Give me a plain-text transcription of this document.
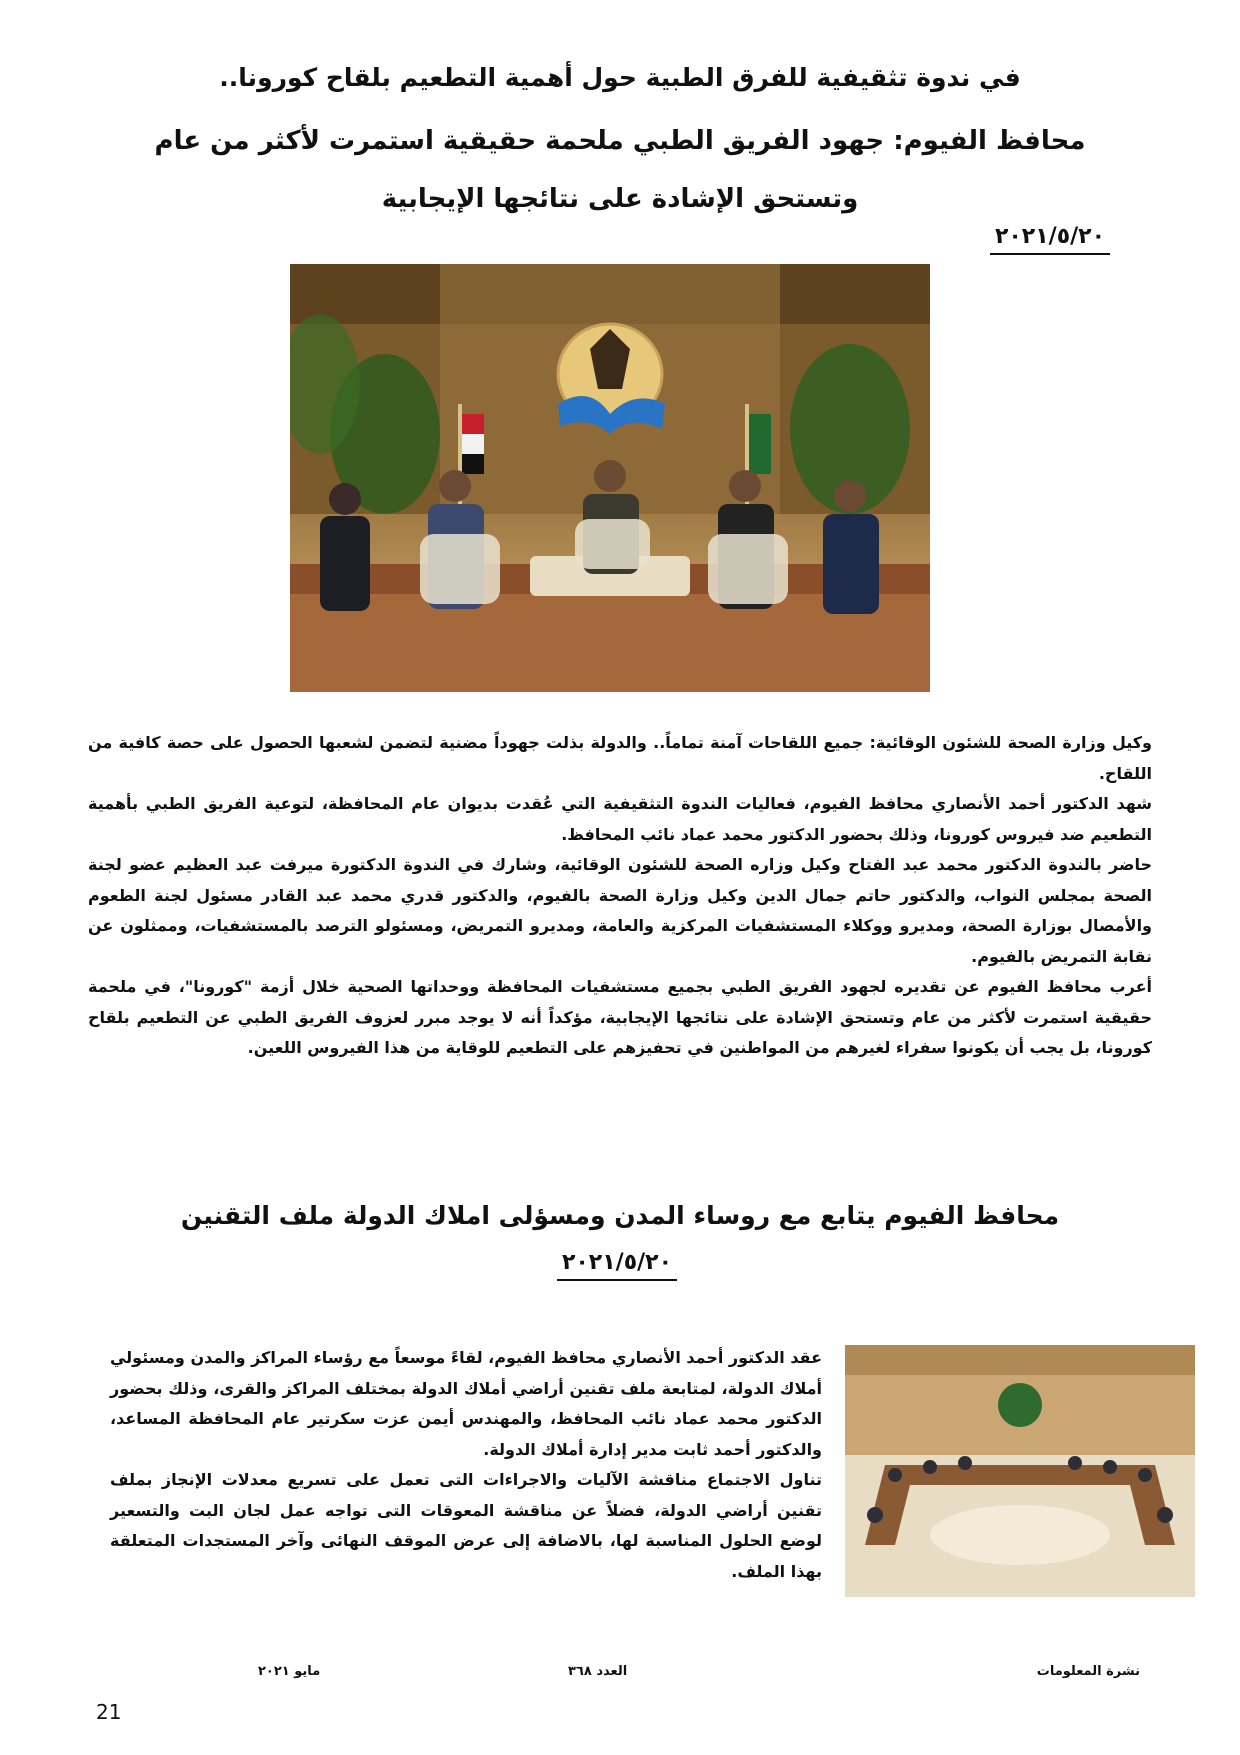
في ندوة تثقيفية للفرق الطبية حول أهمية التطعيم بلقاح كورونا..
محافظ الفيوم: جهود الفريق الطبي ملحمة حقيقية استمرت لأكثر من عام وتستحق الإشادة على نتائجها الإيجابية
٢٠٢١/٥/٢٠

وكيل وزارة الصحة للشئون الوقائية: جميع اللقاحات آمنة تماماً.. والدولة بذلت جهوداً مضنية لتضمن لشعبها الحصول على حصة كافية من اللقاح.

شهد الدكتور أحمد الأنصاري محافظ الفيوم، فعاليات الندوة التثقيفية التي عُقدت بديوان عام المحافظة، لتوعية الفريق الطبي بأهمية التطعيم ضد فيروس كورونا، وذلك بحضور الدكتور محمد عماد نائب المحافظ.

حاضر بالندوة الدكتور محمد عبد الفتاح وكيل وزاره الصحة للشئون الوقائية، وشارك في الندوة الدكتورة ميرفت عبد العظيم عضو لجنة الصحة بمجلس النواب، والدكتور حاتم جمال الدين وكيل وزارة الصحة بالفيوم، والدكتور قدري محمد عبد القادر مسئول لجنة الطعوم والأمصال بوزارة الصحة، ومديرو ووكلاء المستشفيات المركزية والعامة، ومديرو التمريض، ومسئولو الترصد بالمستشفيات، وممثلون عن نقابة التمريض بالفيوم.

أعرب محافظ الفيوم عن تقديره لجهود الفريق الطبي بجميع مستشفيات المحافظة ووحداتها الصحية خلال أزمة "كورونا"، في ملحمة حقيقية استمرت لأكثر من عام وتستحق الإشادة على نتائجها الإيجابية، مؤكداً أنه لا يوجد مبرر لعزوف الفريق الطبي عن التطعيم بلقاح كورونا، بل يجب أن يكونوا سفراء لغيرهم من المواطنين في تحفيزهم على التطعيم للوقاية من هذا الفيروس اللعين.

محافظ الفيوم يتابع مع روساء المدن ومسؤلى املاك الدولة ملف التقنين
٢٠٢١/٥/٢٠

عقد الدكتور أحمد الأنصاري محافظ الفيوم، لقاءً موسعاً مع رؤساء المراكز والمدن ومسئولي أملاك الدولة، لمتابعة ملف تقنين أراضي أملاك الدولة بمختلف المراكز والقرى، وذلك بحضور الدكتور محمد عماد نائب المحافظ، والمهندس أيمن عزت سكرتير عام المحافظة المساعد، والدكتور أحمد ثابت مدير إدارة أملاك الدولة.

تناول الاجتماع مناقشة الآليات والاجراءات التى تعمل على تسريع معدلات الإنجاز بملف تقنين أراضي الدولة، فضلاً عن مناقشة المعوقات التى تواجه عمل لجان البت والتسعير لوضع الحلول المناسبة لها، بالاضافة إلى عرض الموقف النهائى وآخر المستجدات المتعلقة بهذا الملف.

نشرة المعلومات
العدد ٣٦٨
مايو ٢٠٢١
21
